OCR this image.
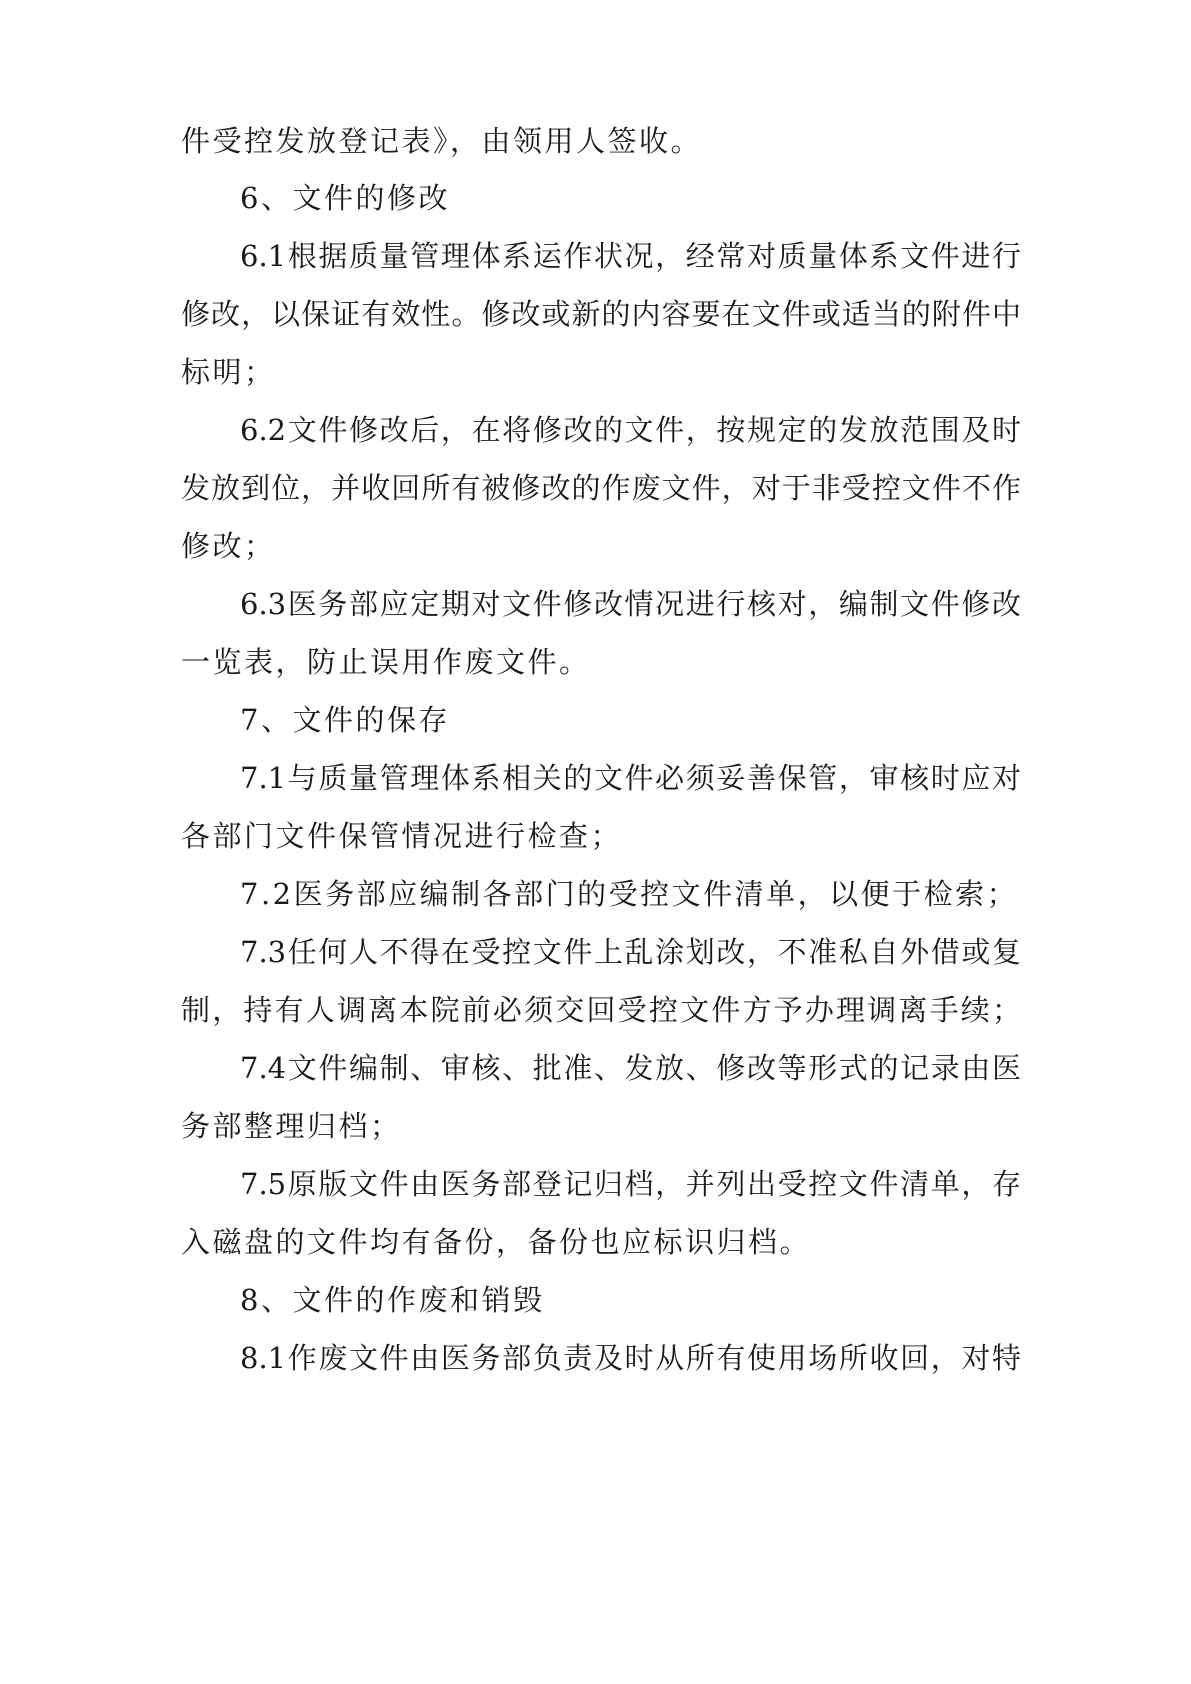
件受控发放登记表》，由领用人签收。

6、文件的修改

6.1根据质量管理体系运作状况，经常对质量体系文件进行

修改，以保证有效性。修改或新的内容要在文件或适当的附件中

标明；

6.2文件修改后，在将修改的文件，按规定的发放范围及时

发放到位，并收回所有被修改的作废文件，对于非受控文件不作

修改；

6.3医务部应定期对文件修改情况进行核对，编制文件修改

一览表，防止误用作废文件。

7、文件的保存

7.1与质量管理体系相关的文件必须妥善保管，审核时应对

各部门文件保管情况进行检查；

7.2医务部应编制各部门的受控文件清单，以便于检索；

7.3任何人不得在受控文件上乱涂划改，不准私自外借或复

制，持有人调离本院前必须交回受控文件方予办理调离手续；

7.4文件编制、审核、批准、发放、修改等形式的记录由医

务部整理归档；

7.5原版文件由医务部登记归档，并列出受控文件清单，存

入磁盘的文件均有备份，备份也应标识归档。

8、文件的作废和销毁

8.1作废文件由医务部负责及时从所有使用场所收回，对特
